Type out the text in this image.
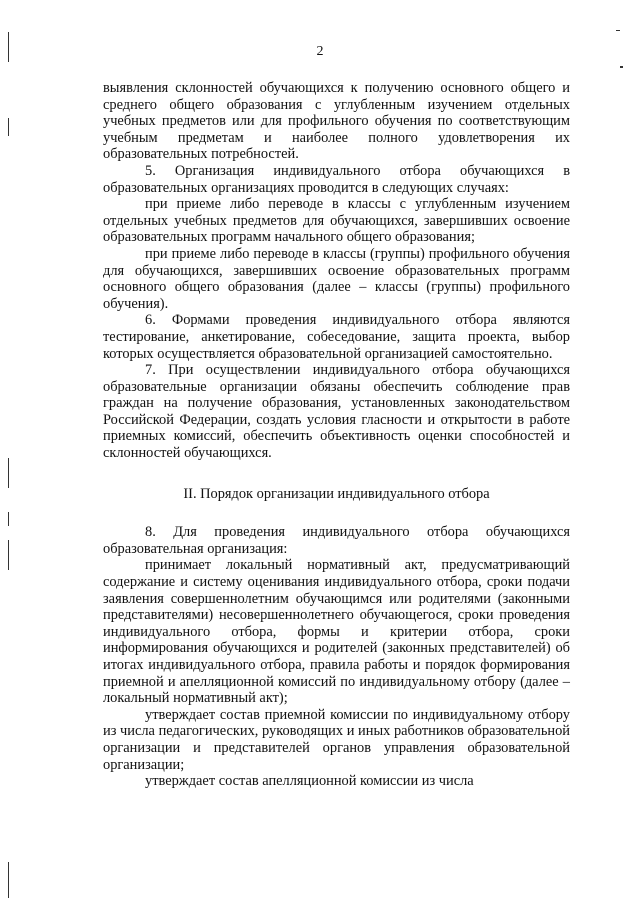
2

выявления склонностей обучающихся к получению основного общего и среднего общего образования с углубленным изучением отдельных учебных предметов или для профильного обучения по соответствующим учебным предметам и наиболее полного удовлетворения их образовательных потребностей.

5. Организация индивидуального отбора обучающихся в образовательных организациях проводится в следующих случаях:

при приеме либо переводе в классы с углубленным изучением отдельных учебных предметов для обучающихся, завершивших освоение образовательных программ начального общего образования;

при приеме либо переводе в классы (группы) профильного обучения для обучающихся, завершивших освоение образовательных программ основного общего образования (далее – классы (группы) профильного обучения).

6. Формами проведения индивидуального отбора являются тестирование, анкетирование, собеседование, защита проекта, выбор которых осуществляется образовательной организацией самостоятельно.

7. При осуществлении индивидуального отбора обучающихся образовательные организации обязаны обеспечить соблюдение прав граждан на получение образования, установленных законодательством Российской Федерации, создать условия гласности и открытости в работе приемных комиссий, обеспечить объективность оценки способностей и склонностей обучающихся.

II. Порядок организации индивидуального отбора

8. Для проведения индивидуального отбора обучающихся образовательная организация:

принимает локальный нормативный акт, предусматривающий содержание и систему оценивания индивидуального отбора, сроки подачи заявления совершеннолетним обучающимся или родителями (законными представителями) несовершеннолетнего обучающегося, сроки проведения индивидуального отбора, формы и критерии отбора, сроки информирования обучающихся и родителей (законных представителей) об итогах индивидуального отбора, правила работы и порядок формирования приемной и апелляционной комиссий по индивидуальному отбору (далее – локальный нормативный акт);

утверждает состав приемной комиссии по индивидуальному отбору из числа педагогических, руководящих и иных работников образовательной организации и представителей органов управления образовательной организации;

утверждает состав апелляционной комиссии из числа
